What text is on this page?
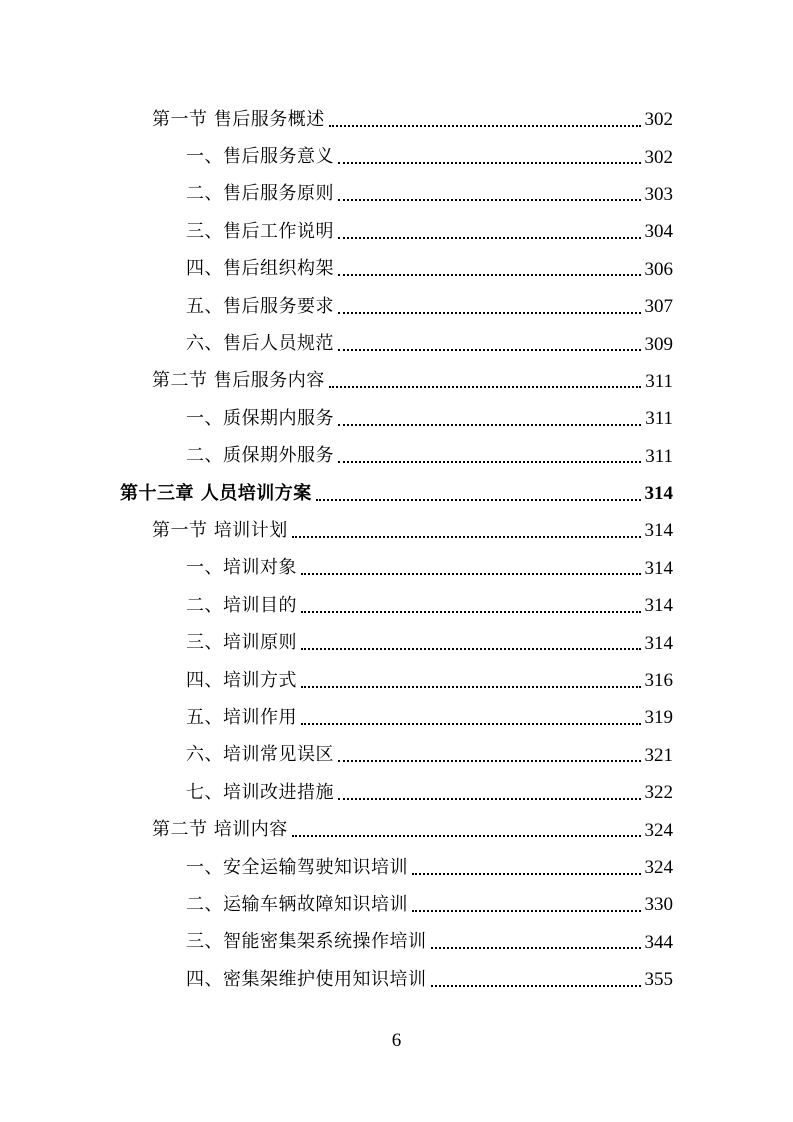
第一节 售后服务概述	302
一、售后服务意义	302
二、售后服务原则	303
三、售后工作说明	304
四、售后组织构架	306
五、售后服务要求	307
六、售后人员规范	309
第二节 售后服务内容	311
一、质保期内服务	311
二、质保期外服务	311
第十三章 人员培训方案	314
第一节 培训计划	314
一、培训对象	314
二、培训目的	314
三、培训原则	314
四、培训方式	316
五、培训作用	319
六、培训常见误区	321
七、培训改进措施	322
第二节 培训内容	324
一、安全运输驾驶知识培训	324
二、运输车辆故障知识培训	330
三、智能密集架系统操作培训	344
四、密集架维护使用知识培训	355
6
